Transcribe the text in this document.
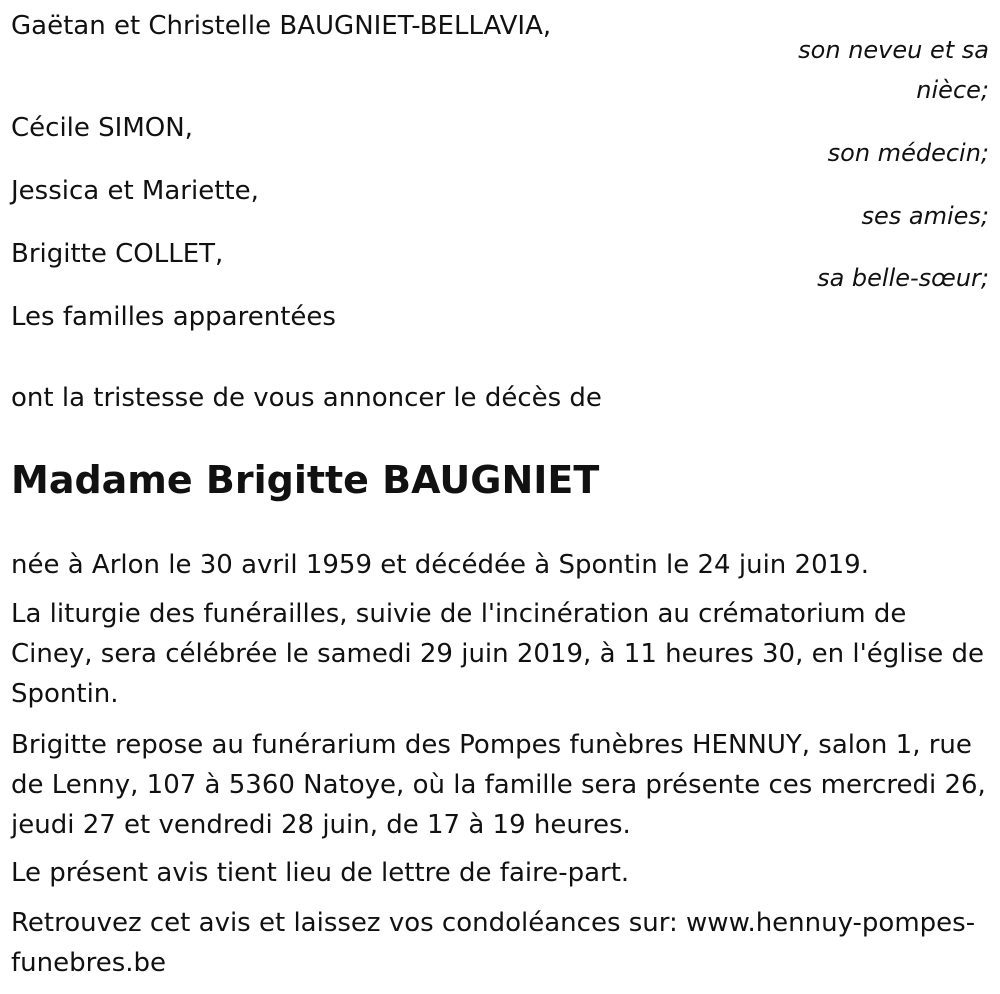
Gaëtan et Christelle BAUGNIET-BELLAVIA,
son neveu et sa nièce;
Cécile SIMON,
son médecin;
Jessica et Mariette,
ses amies;
Brigitte COLLET,
sa belle-sœur;
Les familles apparentées
ont la tristesse de vous annoncer le décès de
Madame Brigitte BAUGNIET
née à Arlon le 30 avril 1959 et décédée à Spontin le 24 juin 2019.
La liturgie des funérailles, suivie de l'incinération au crématorium de Ciney, sera célébrée le samedi 29 juin 2019, à 11 heures 30, en l'église de Spontin.
Brigitte repose au funérarium des Pompes funèbres HENNUY, salon 1, rue de Lenny, 107 à 5360 Natoye, où la famille sera présente ces mercredi 26, jeudi 27 et vendredi 28 juin, de 17 à 19 heures.
Le présent avis tient lieu de lettre de faire-part.
Retrouvez cet avis et laissez vos condoléances sur: www.hennuy-pompes-funebres.be
